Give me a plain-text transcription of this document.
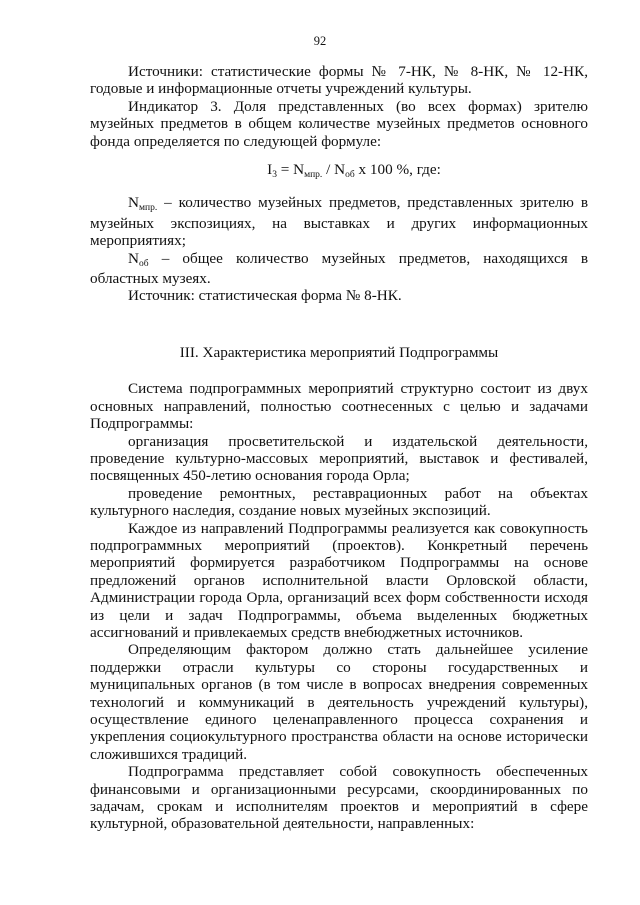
92

Источники: статистические формы № 7-НК, № 8-НК, № 12-НК, годовые и информационные отчеты учреждений культуры.

Индикатор 3. Доля представленных (во всех формах) зрителю музейных предметов в общем количестве музейных предметов основного фонда определяется по следующей формуле:

$I_3 = N_{мпр.} / N_{об}$ х 100 %, где:

$N_{мпр.}$ – количество музейных предметов, представленных зрителю в музейных экспозициях, на выставках и других информационных мероприятиях;

$N_{об}$ – общее количество музейных предметов, находящихся в областных музеях.

Источник: статистическая форма № 8-НК.

III. Характеристика мероприятий Подпрограммы

Система подпрограммных мероприятий структурно состоит из двух основных направлений, полностью соотнесенных с целью и задачами Подпрограммы:

организация просветительской и издательской деятельности, проведение культурно-массовых мероприятий, выставок и фестивалей, посвященных 450-летию основания города Орла;

проведение ремонтных, реставрационных работ на объектах культурного наследия, создание новых музейных экспозиций.

Каждое из направлений Подпрограммы реализуется как совокупность подпрограммных мероприятий (проектов). Конкретный перечень мероприятий формируется разработчиком Подпрограммы на основе предложений органов исполнительной власти Орловской области, Администрации города Орла, организаций всех форм собственности исходя из цели и задач Подпрограммы, объема выделенных бюджетных ассигнований и привлекаемых средств внебюджетных источников.

Определяющим фактором должно стать дальнейшее усиление поддержки отрасли культуры со стороны государственных и муниципальных органов (в том числе в вопросах внедрения современных технологий и коммуникаций в деятельность учреждений культуры), осуществление единого целенаправленного процесса сохранения и укрепления социокультурного пространства области на основе исторически сложившихся традиций.

Подпрограмма представляет собой совокупность обеспеченных финансовыми и организационными ресурсами, скоординированных по задачам, срокам и исполнителям проектов и мероприятий в сфере культурной, образовательной деятельности, направленных:
